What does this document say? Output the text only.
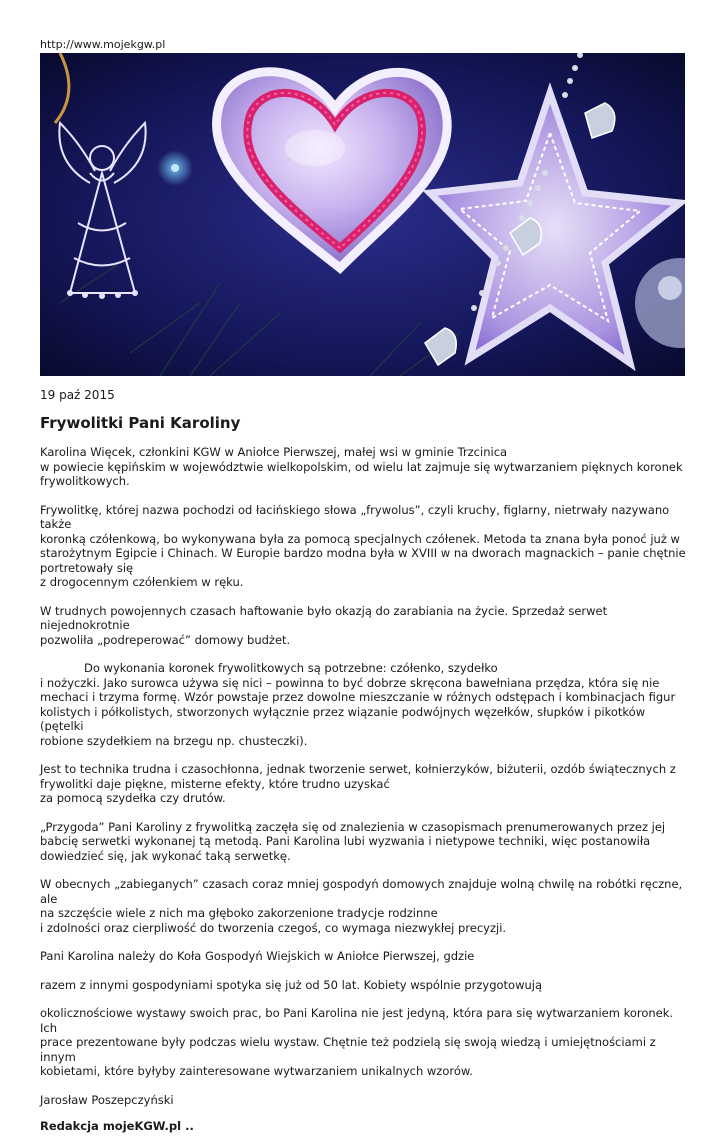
http://www.mojekgw.pl
19 paź 2015
Frywolitki Pani Karoliny

Karolina Więcek, członkini KGW w Aniołce Pierwszej, małej wsi w gminie Trzcinica
w powiecie kępińskim w województwie wielkopolskim, od wielu lat zajmuje się wytwarzaniem pięknych koronek
frywolitkowych.

Frywolitkę, której nazwa pochodzi od łacińskiego słowa „frywolus”, czyli kruchy, figlarny, nietrwały nazywano także
koronką czółenkową, bo wykonywana była za pomocą specjalnych czółenek. Metoda ta znana była ponoć już w
starożytnym Egipcie i Chinach. W Europie bardzo modna była w XVIII w na dworach magnackich – panie chętnie
portretowały się
z drogocennym czółenkiem w ręku.

W trudnych powojennych czasach haftowanie było okazją do zarabiania na życie. Sprzedaż serwet niejednokrotnie
pozwoliła „podreperować” domowy budżet.

Do wykonania koronek frywolitkowych są potrzebne: czółenko, szydełko
i nożyczki. Jako surowca używa się nici – powinna to być dobrze skręcona bawełniana przędza, która się nie
mechaci i trzyma formę. Wzór powstaje przez dowolne mieszczanie w różnych odstępach i kombinacjach figur
kolistych i półkolistych, stworzonych wyłącznie przez wiązanie podwójnych węzełków, słupków i pikotków (pętelki
robione szydełkiem na brzegu np. chusteczki).

Jest to technika trudna i czasochłonna, jednak tworzenie serwet, kołnierzyków, biżuterii, ozdób świątecznych z
frywolitki daje piękne, misterne efekty, które trudno uzyskać
za pomocą szydełka czy drutów.

„Przygoda” Pani Karoliny z frywolitką zaczęła się od znalezienia w czasopismach prenumerowanych przez jej
babcię serwetki wykonanej tą metodą. Pani Karolina lubi wyzwania i nietypowe techniki, więc postanowiła
dowiedzieć się, jak wykonać taką serwetkę.

W obecnych „zabieganych” czasach coraz mniej gospodyń domowych znajduje wolną chwilę na robótki ręczne, ale
na szczęście wiele z nich ma głęboko zakorzenione tradycje rodzinne
i zdolności oraz cierpliwość do tworzenia czegoś, co wymaga niezwykłej precyzji.

Pani Karolina należy do Koła Gospodyń Wiejskich w Aniołce Pierwszej, gdzie

razem z innymi gospodyniami spotyka się już od 50 lat. Kobiety wspólnie przygotowują

okolicznościowe wystawy swoich prac, bo Pani Karolina nie jest jedyną, która para się wytwarzaniem koronek. Ich
prace prezentowane były podczas wielu wystaw. Chętnie też podzielą się swoją wiedzą i umiejętnościami z innym
kobietami, które byłyby zainteresowane wytwarzaniem unikalnych wzorów.

Jarosław Poszepczyński

Redakcja mojeKGW.pl ..
